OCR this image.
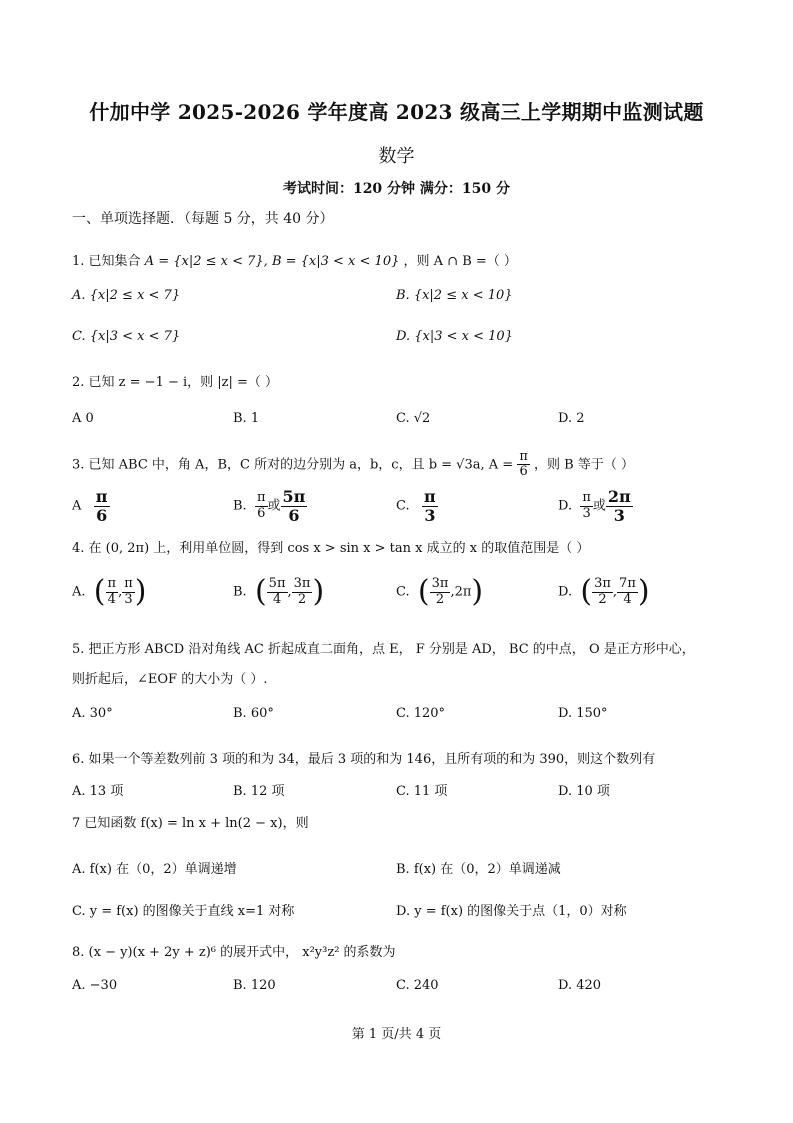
什加中学 2025-2026 学年度高 2023 级高三上学期期中监测试题
数学
考试时间：120 分钟 满分：150 分
一、单项选择题．（每题 5 分，共 40 分）
1. 已知集合 A = {x|2 ≤ x < 7}, B = {x|3 < x < 10} ，则 A ∩ B =（ ）
A. {x|2 ≤ x < 7}	B. {x|2 ≤ x < 10}
C. {x|3 < x < 7}	D. {x|3 < x < 10}
2. 已知 z = −1 − i，则 |z| =（ ）
A 0	B. 1	C. √2	D. 2
3. 已知 ABC 中，角 A，B，C 所对的边分别为 a，b，c，且 b = √3a, $A = \frac{\pi}{6}$ ，则 B 等于（ ）
A $\frac{\pi}{6}$	B. $\frac{\pi}{6}$ 或 $\frac{5\pi}{6}$	C. $\frac{\pi}{3}$	D. $\frac{\pi}{3}$ 或 $\frac{2\pi}{3}$
4. 在 (0, 2π) 上，利用单位圆，得到 cos x > sin x > tan x 成立的 x 的取值范围是（ ）
A. ( $\frac{\pi}{4}$ , $\frac{\pi}{3}$ )	B. ( $\frac{5\pi}{4}$ , $\frac{3\pi}{2}$ )	C. ( $\frac{3\pi}{2} ,2\pi$)	D. ( $\frac{3\pi}{2}$ , $\frac{7\pi}{4}$ )
5. 把正方形 ABCD 沿对角线 AC 折起成直二面角，点 E， F 分别是 AD， BC 的中点， O 是正方形中心，
则折起后，∠EOF 的大小为（ ）.
A. 30°	B. 60°	C. 120°	D. 150°
6. 如果一个等差数列前 3 项的和为 34，最后 3 项的和为 146，且所有项的和为 390，则这个数列有
A. 13 项	B. 12 项	C. 11 项	D. 10 项
7 已知函数 f(x) = ln x + ln(2 − x)，则
A. f(x) 在（0，2）单调递增	B. f(x) 在（0，2）单调递减
C. y = f(x) 的图像关于直线 x=1 对称	D. y = f(x) 的图像关于点（1，0）对称
8. (x − y)(x + 2y + z)⁶ 的展开式中， x²y³z² 的系数为
A. −30	B. 120	C. 240	D. 420
第 1 页/共 4 页
